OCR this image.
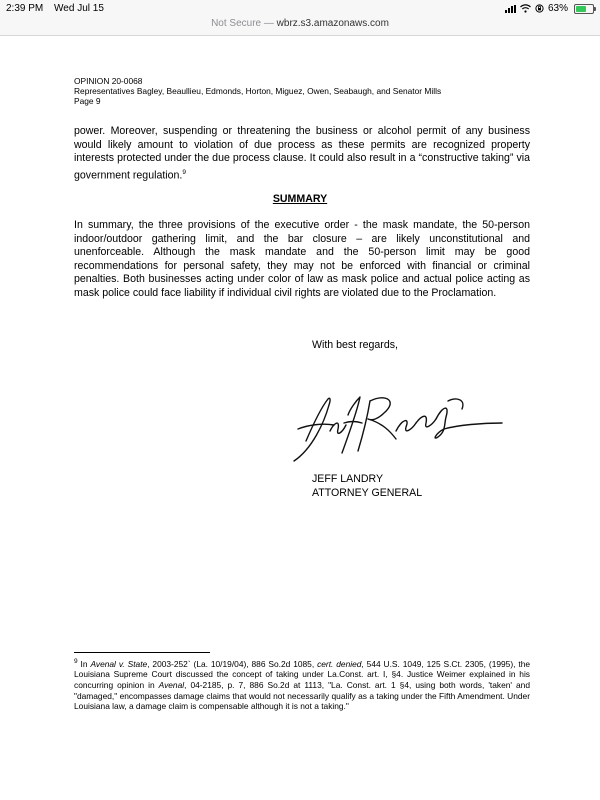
2:39 PM Wed Jul 15	63%
Not Secure — wbrz.s3.amazonaws.com
OPINION 20-0068
Representatives Bagley, Beaullieu, Edmonds, Horton, Miguez, Owen, Seabaugh, and Senator Mills
Page 9

power. Moreover, suspending or threatening the business or alcohol permit of any business would likely amount to violation of due process as these permits are recognized property interests protected under the due process clause. It could also result in a “constructive taking” via government regulation.$^9$

SUMMARY

In summary, the three provisions of the executive order - the mask mandate, the 50-person indoor/outdoor gathering limit, and the bar closure – are likely unconstitutional and unenforceable. Although the mask mandate and the 50-person limit may be good recommendations for personal safety, they may not be enforced with financial or criminal penalties. Both businesses acting under color of law as mask police and actual police acting as mask police could face liability if individual civil rights are violated due to the Proclamation.

With best regards,
JEFF LANDRY
ATTORNEY GENERAL

$^9$ In Avenal v. State, 2003-252` (La. 10/19/04), 886 So.2d 1085, cert. denied, 544 U.S. 1049, 125 S.Ct. 2305, (1995), the Louisiana Supreme Court discussed the concept of taking under La.Const. art. I, §4. Justice Weimer explained in his concurring opinion in Avenal, 04-2185, p. 7, 886 So.2d at 1113, "La. Const. art. 1 §4, using both words, 'taken' and "damaged," encompasses damage claims that would not necessarily qualify as a taking under the Fifth Amendment. Under Louisiana law, a damage claim is compensable although it is not a taking."
